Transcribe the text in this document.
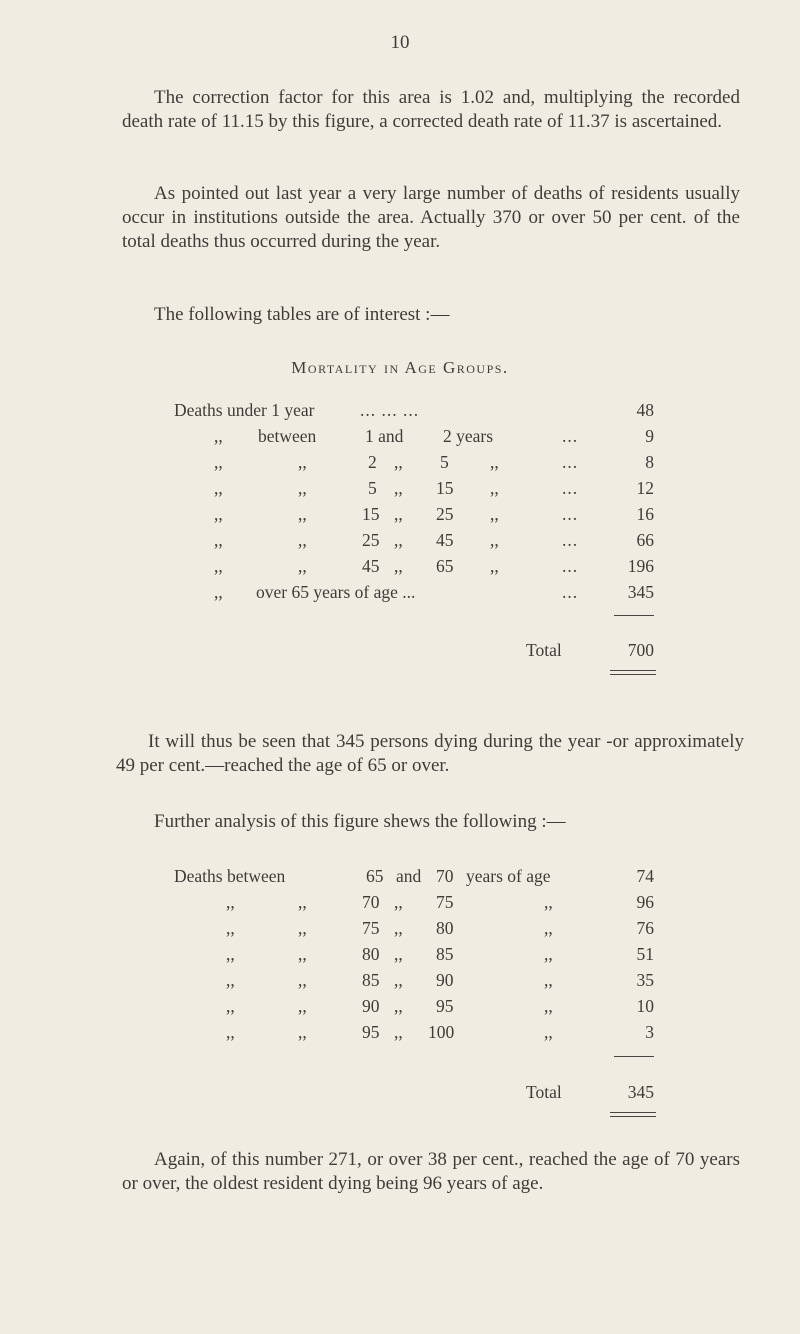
10

The correction factor for this area is 1.02 and, multiplying the recorded death rate of 11.15 by this figure, a corrected death rate of 11.37 is ascertained.

As pointed out last year a very large number of deaths of residents usually occur in institutions outside the area. Actually 370 or over 50 per cent. of the total deaths thus occurred during the year.

The following tables are of interest :—

Mortality in Age Groups.
Deaths under 1 year	... ... ...	48
,, between	1 and 2 years	...	9
,,	,,	2 ,, 5 ,,	...	8
,,	,,	5 ,, 15 ,,	...	12
,,	,,	15 ,, 25 ,,	...	16
,,	,,	25 ,, 45 ,,	...	66
,,	,,	45 ,, 65 ,,	...	196
,, over 65 years of age ...	...	345
Total	700

It will thus be seen that 345 persons dying during the year -or approximately 49 per cent.—reached the age of 65 or over.

Further analysis of this figure shews the following :—

Deaths between	65 and 70 years of age	74
,,	,,	70 ,, 75	,,	96
,,	,,	75 ,, 80	,,	76
,,	,,	80 ,, 85	,,	51
,,	,,	85 ,, 90	,,	35
,,	,,	90 ,, 95	,,	10
,,	,,	95 ,, 100	,,	3
Total	345

Again, of this number 271, or over 38 per cent., reached the age of 70 years or over, the oldest resident dying being 96 years of age.
